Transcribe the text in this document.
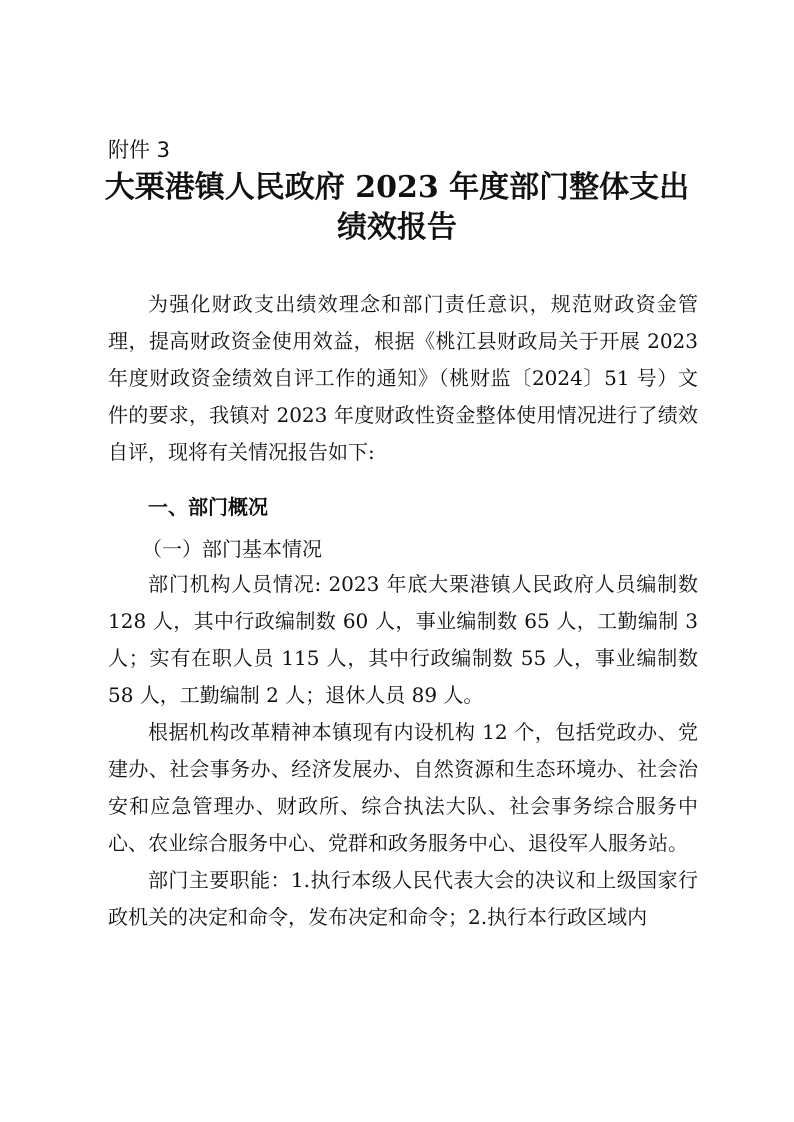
附件 3
大栗港镇人民政府 2023 年度部门整体支出
绩效报告

为强化财政支出绩效理念和部门责任意识，规范财政资金管理，提高财政资金使用效益，根据《桃江县财政局关于开展 2023 年度财政资金绩效自评工作的通知》（桃财监〔2024〕51 号）文件的要求，我镇对 2023 年度财政性资金整体使用情况进行了绩效自评，现将有关情况报告如下:

一、部门概况
（一）部门基本情况

部门机构人员情况: 2023 年底大栗港镇人民政府人员编制数 128 人，其中行政编制数 60 人，事业编制数 65 人，工勤编制 3 人；实有在职人员 115 人，其中行政编制数 55 人，事业编制数 58 人，工勤编制 2 人；退休人员 89 人。

根据机构改革精神本镇现有内设机构 12 个，包括党政办、党建办、社会事务办、经济发展办、自然资源和生态环境办、社会治安和应急管理办、财政所、综合执法大队、社会事务综合服务中心、农业综合服务中心、党群和政务服务中心、退役军人服务站。

部门主要职能：1.执行本级人民代表大会的决议和上级国家行政机关的决定和命令，发布决定和命令；2.执行本行政区域内
